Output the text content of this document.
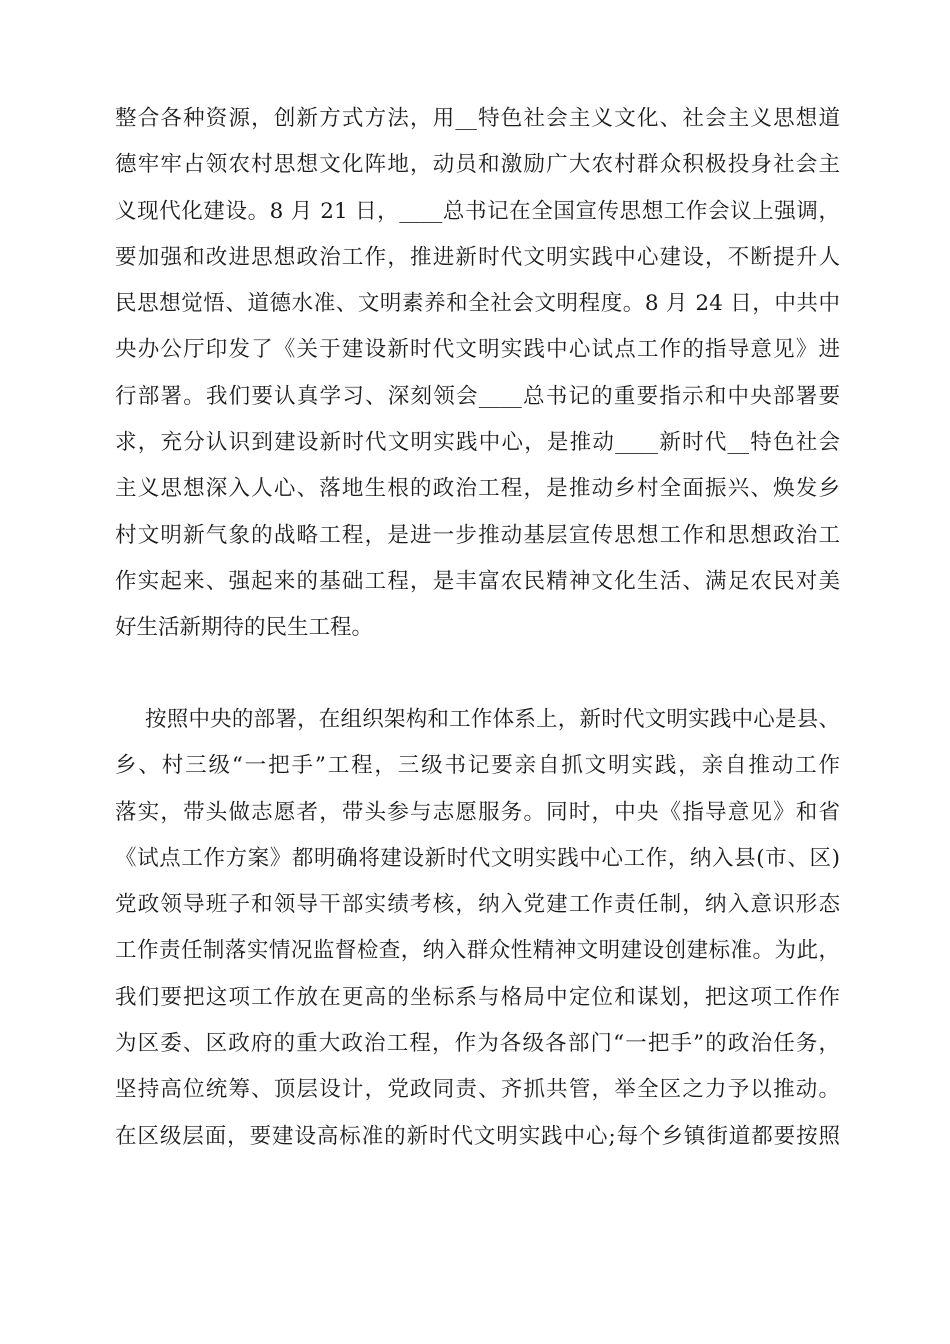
整合各种资源，创新方式方法，用__特色社会主义文化、社会主义思想道
德牢牢占领农村思想文化阵地，动员和激励广大农村群众积极投身社会主
义现代化建设。8 月 21 日，____总书记在全国宣传思想工作会议上强调，
要加强和改进思想政治工作，推进新时代文明实践中心建设，不断提升人
民思想觉悟、道德水准、文明素养和全社会文明程度。8 月 24 日，中共中
央办公厅印发了《关于建设新时代文明实践中心试点工作的指导意见》进
行部署。我们要认真学习、深刻领会____总书记的重要指示和中央部署要
求，充分认识到建设新时代文明实践中心，是推动____新时代__特色社会
主义思想深入人心、落地生根的政治工程，是推动乡村全面振兴、焕发乡
村文明新气象的战略工程，是进一步推动基层宣传思想工作和思想政治工
作实起来、强起来的基础工程，是丰富农民精神文化生活、满足农民对美
好生活新期待的民生工程。
按照中央的部署，在组织架构和工作体系上，新时代文明实践中心是县、
乡、村三级“一把手”工程，三级书记要亲自抓文明实践，亲自推动工作
落实，带头做志愿者，带头参与志愿服务。同时，中央《指导意见》和省
《试点工作方案》都明确将建设新时代文明实践中心工作，纳入县(市、区)
党政领导班子和领导干部实绩考核，纳入党建工作责任制，纳入意识形态
工作责任制落实情况监督检查，纳入群众性精神文明建设创建标准。为此，
我们要把这项工作放在更高的坐标系与格局中定位和谋划，把这项工作作
为区委、区政府的重大政治工程，作为各级各部门“一把手”的政治任务，
坚持高位统筹、顶层设计，党政同责、齐抓共管，举全区之力予以推动。
在区级层面，要建设高标准的新时代文明实践中心;每个乡镇街道都要按照
